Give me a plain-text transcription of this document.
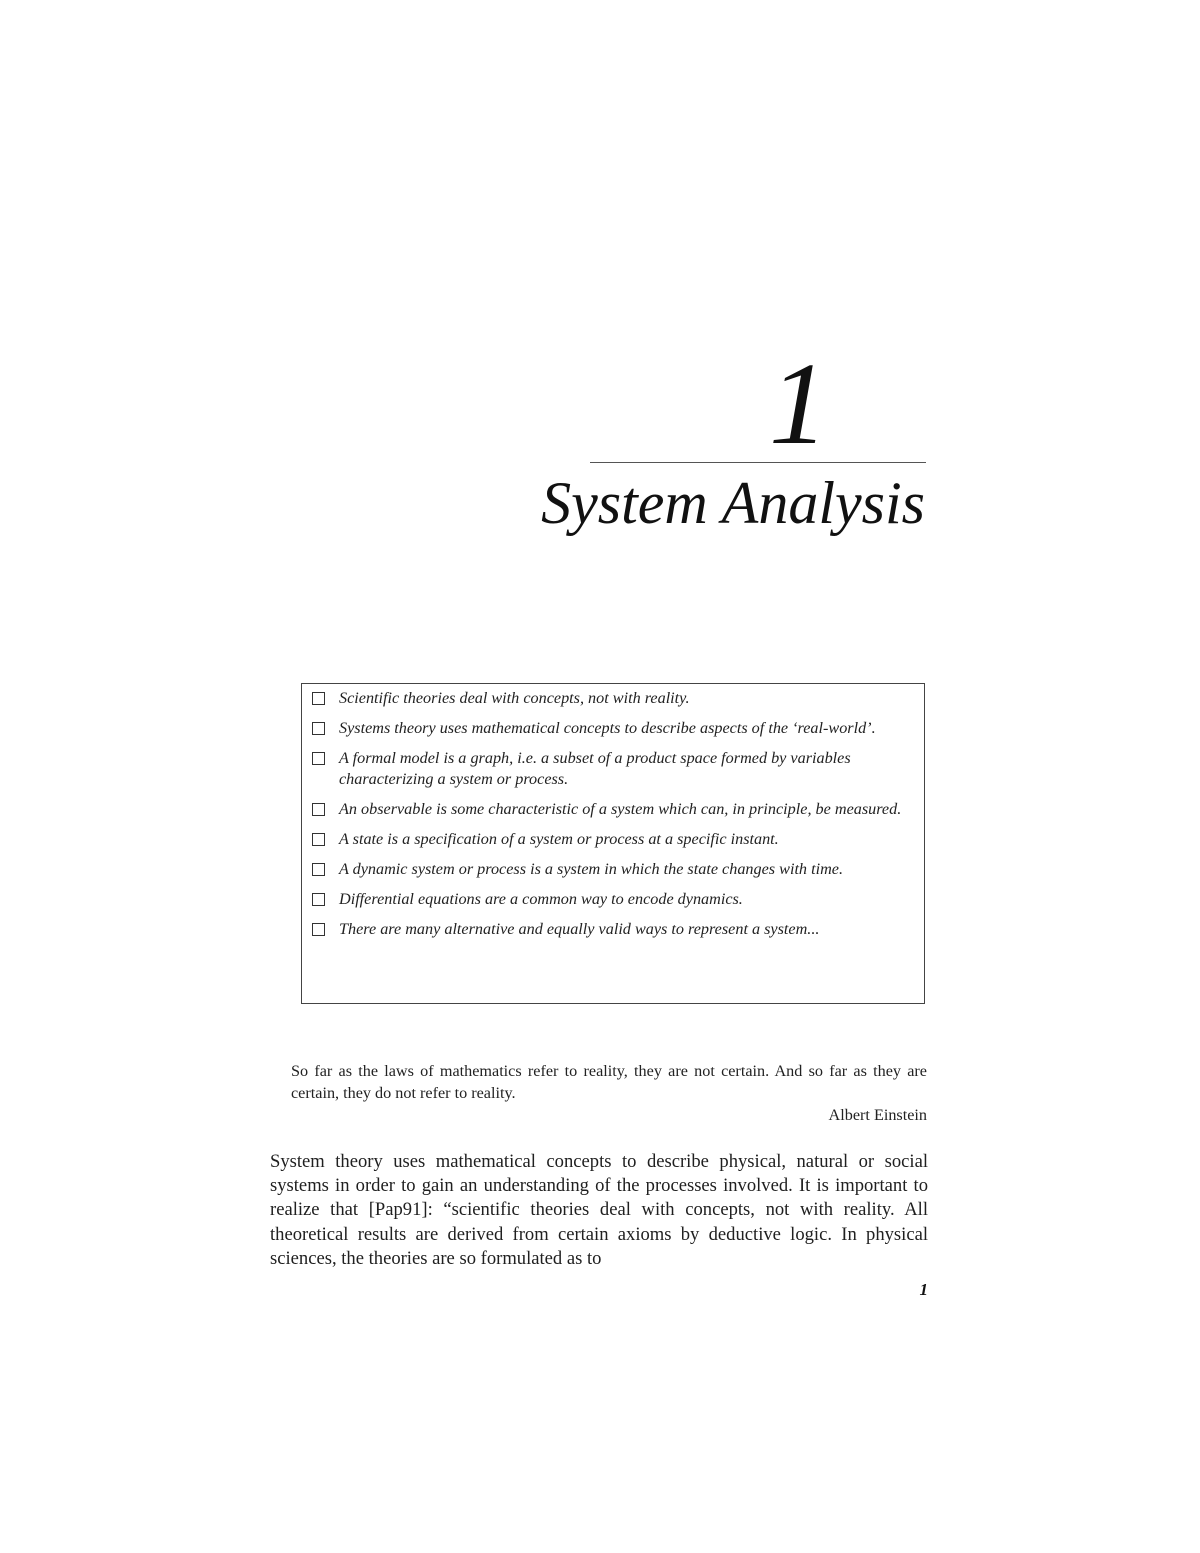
1
System Analysis
Scientific theories deal with concepts, not with reality.
Systems theory uses mathematical concepts to describe aspects of the ‘real-world’.
A formal model is a graph, i.e. a subset of a product space formed by variables characterizing a system or process.
An observable is some characteristic of a system which can, in principle, be measured.
A state is a specification of a system or process at a specific instant.
A dynamic system or process is a system in which the state changes with time.
Differential equations are a common way to encode dynamics.
There are many alternative and equally valid ways to represent a system...
So far as the laws of mathematics refer to reality, they are not certain. And so far as they are certain, they do not refer to reality.
Albert Einstein
System theory uses mathematical concepts to describe physical, natural or social systems in order to gain an understanding of the processes involved. It is important to realize that [Pap91]: “scientific theories deal with concepts, not with reality. All theoretical results are derived from certain axioms by deductive logic. In physical sciences, the theories are so formulated as to
1
